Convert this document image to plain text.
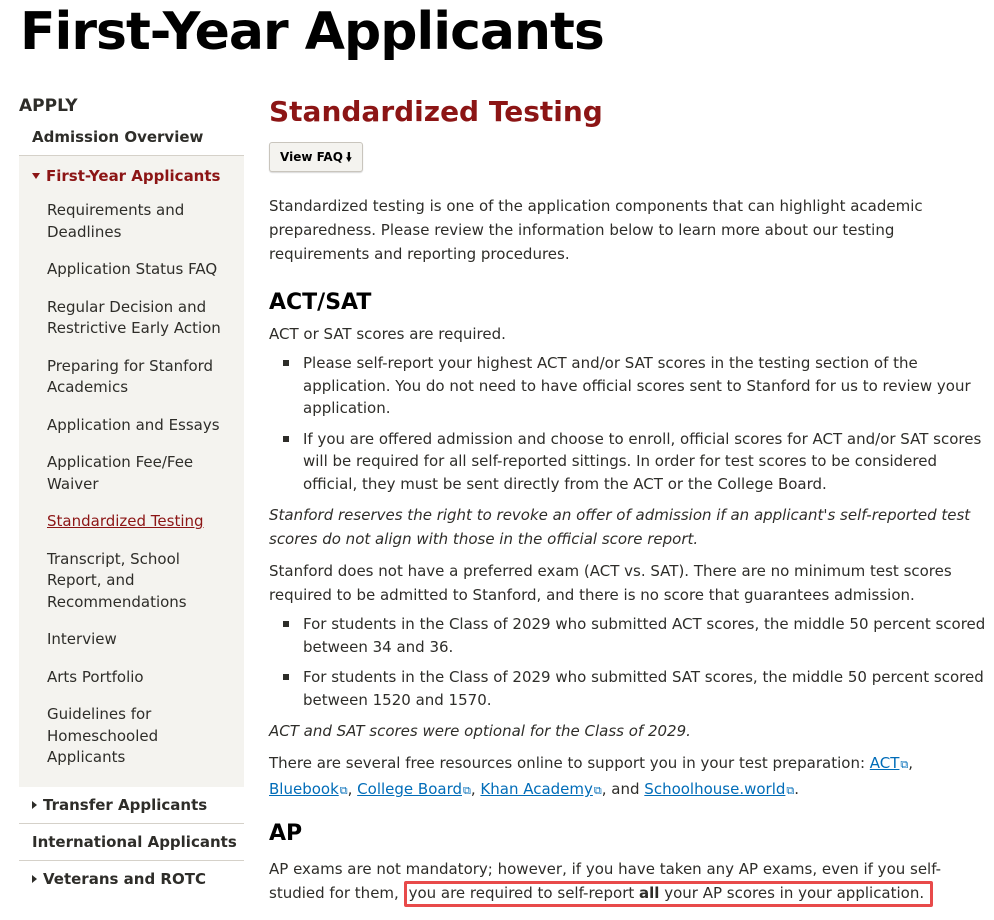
First-Year Applicants
APPLY
Admission Overview
First-Year Applicants
Requirements and Deadlines
Application Status FAQ
Regular Decision and Restrictive Early Action
Preparing for Stanford Academics
Application and Essays
Application Fee/Fee Waiver
Standardized Testing
Transcript, School Report, and Recommendations
Interview
Arts Portfolio
Guidelines for Homeschooled Applicants
Transfer Applicants
International Applicants
Veterans and ROTC
Standardized Testing
View FAQ 🠛

Standardized testing is one of the application components that can highlight academic preparedness. Please review the information below to learn more about our testing requirements and reporting procedures.

ACT/SAT

ACT or SAT scores are required.

Please self-report your highest ACT and/or SAT scores in the testing section of the application. You do not need to have official scores sent to Stanford for us to review your application.
If you are offered admission and choose to enroll, official scores for ACT and/or SAT scores will be required for all self-reported sittings. In order for test scores to be considered official, they must be sent directly from the ACT or the College Board.

Stanford reserves the right to revoke an offer of admission if an applicant's self-reported test scores do not align with those in the official score report.

Stanford does not have a preferred exam (ACT vs. SAT). There are no minimum test scores required to be admitted to Stanford, and there is no score that guarantees admission.

For students in the Class of 2029 who submitted ACT scores, the middle 50 percent scored between 34 and 36.
For students in the Class of 2029 who submitted SAT scores, the middle 50 percent scored between 1520 and 1570.

ACT and SAT scores were optional for the Class of 2029.

There are several free resources online to support you in your test preparation: ACT⧉, Bluebook⧉, College Board⧉, Khan Academy⧉, and Schoolhouse.world⧉.

AP

AP exams are not mandatory; however, if you have taken any AP exams, even if you self-studied for them, you are required to self-report all your AP scores in your application.
